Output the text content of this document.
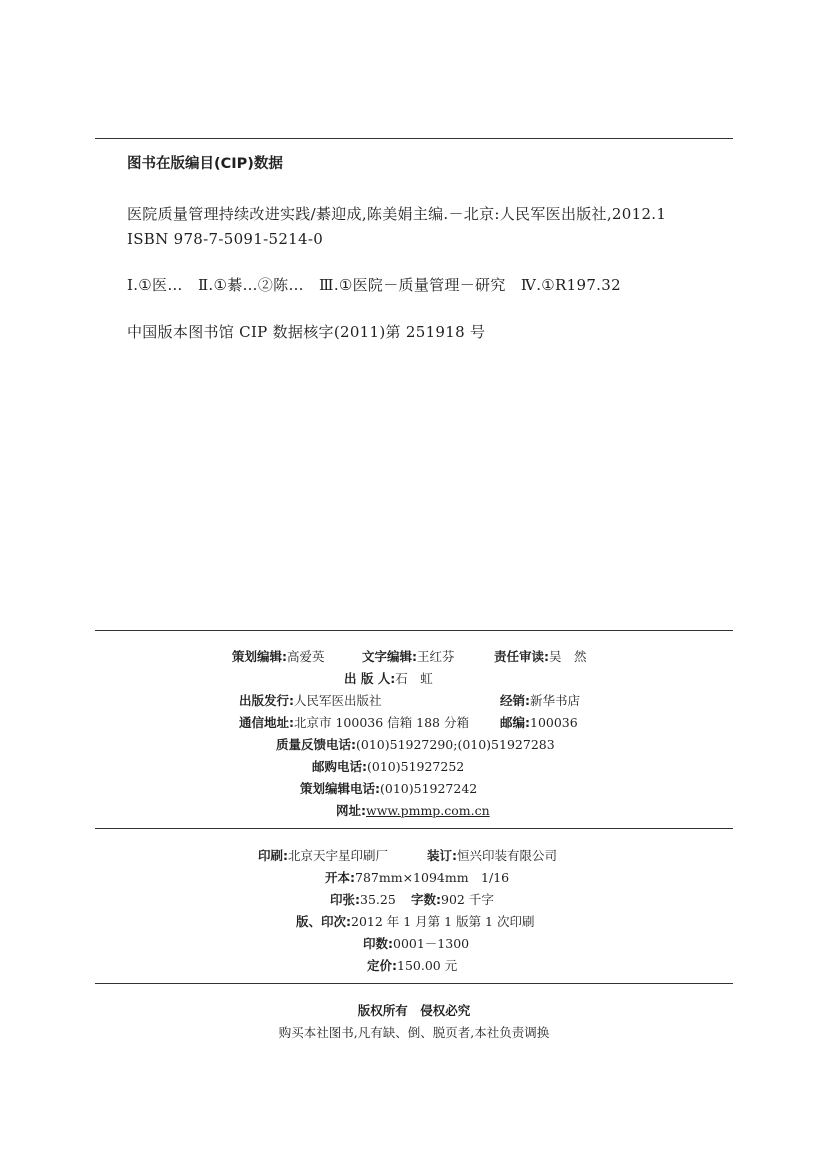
图书在版编目(CIP)数据
医院质量管理持续改进实践/綦迎成,陈美娟主编.－北京:人民军医出版社,2012.1
ISBN 978-7-5091-5214-0
Ⅰ.①医…　Ⅱ.①綦…②陈…　Ⅲ.①医院－质量管理－研究　Ⅳ.①R197.32
中国版本图书馆 CIP 数据核字(2011)第 251918 号
策划编辑:高爱英	文字编辑:王红芬	责任审读:吴　然
出 版 人:石　虹
出版发行:人民军医出版社	经销:新华书店
通信地址:北京市 100036 信箱 188 分箱 邮编:100036
质量反馈电话:(010)51927290;(010)51927283
邮购电话:(010)51927252
策划编辑电话:(010)51927242
网址:www.pmmp.com.cn
印刷:北京天宇星印刷厂	装订:恒兴印装有限公司
开本:787mm×1094mm　1/16
印张:35.25 字数:902 千字
版、印次:2012 年 1 月第 1 版第 1 次印刷
印数:0001－1300
定价:150.00 元
版权所有　侵权必究
购买本社图书,凡有缺、倒、脱页者,本社负责调换
